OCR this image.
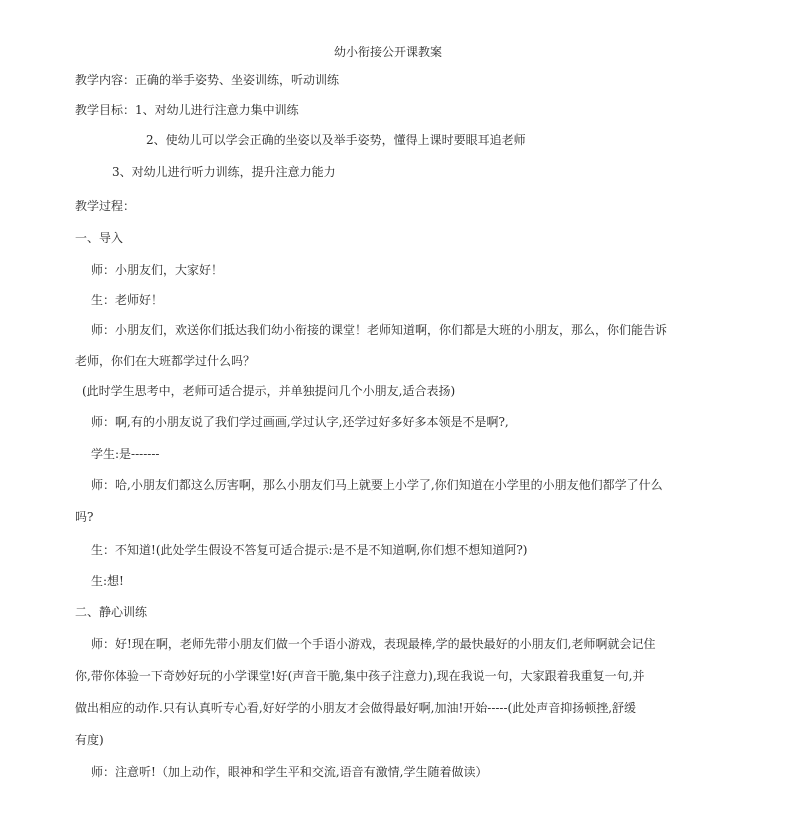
幼小衔接公开课教案
教学内容：正确的举手姿势、坐姿训练，听动训练
教学目标：1、对幼儿进行注意力集中训练
2、使幼儿可以学会正确的坐姿以及举手姿势，懂得上课时要眼耳追老师
3、对幼儿进行听力训练，提升注意力能力
教学过程：
一、导入
师：小朋友们，大家好！
生：老师好！
师：小朋友们，欢送你们抵达我们幼小衔接的课堂！老师知道啊，你们都是大班的小朋友，那么，你们能告诉
老师，你们在大班都学过什么吗？
(此时学生思考中，老师可适合提示，并单独提问几个小朋友,适合表扬)
师：啊,有的小朋友说了我们学过画画,学过认字,还学过好多好多本领是不是啊?,
学生:是-------
师：哈,小朋友们都这么厉害啊，那么小朋友们马上就要上小学了,你们知道在小学里的小朋友他们都学了什么
吗?
生：不知道!(此处学生假设不答复可适合提示:是不是不知道啊,你们想不想知道阿?)
生:想!
二、静心训练
师：好!现在啊，老师先带小朋友们做一个手语小游戏，表现最棒,学的最快最好的小朋友们,老师啊就会记住
你,带你体验一下奇妙好玩的小学课堂!好(声音干脆,集中孩子注意力),现在我说一句，大家跟着我重复一句,并
做出相应的动作.只有认真听专心看,好好学的小朋友才会做得最好啊,加油!开始-----(此处声音抑扬顿挫,舒缓
有度)
师：注意听!（加上动作，眼神和学生平和交流,语音有激情,学生随着做读）
